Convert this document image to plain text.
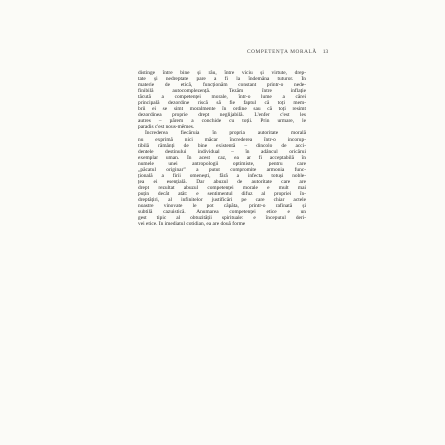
COMPETENȚA MORALĂ 13
distinge între bine și rău, între viciu și virtute, drep-
tate și nedreptate pare a fi la îndemâna tuturor. În
materie de etică, funcționăm constant printr-o nede-
finibilă autocomplezență. Tezăm între inflație
tăcută a competenței morale, într-o lume a cărei
principală dezordine riscă să fie faptul că toți mem-
brii ei se simt moralmente în ordine sau că toți resimt
dezordinea proprie drept neglijabilă. L'enfer c'est les
autres – părem a conchide cu toții. Prin urmare, le
paradis c'est nous-mêmes.
Încrederea fiecăruia în propria autoritate morală
nu exprimă nici măcar încrederea într-o incorup-
tibilă rămânți de bine existentă – dincolo de acci-
dentele destinului individual – în adâncul oricărui
exemplar uman. În acest caz, ea ar fi acceptabilă în
numele unei antropologii optimiste, pentru care
„păcatul originar” a putut compromite armonia func-
țională a firii omenești, fără a infecta totuși noble-
țea ei esențială. Dar abuzul de autoritate care are
drept rezultat abuzul competenței morale e mult mai
puțin decât atât: e sentimentul difuz al propriei în-
dreptățiri, al infinitelor justificări pe care chiar actele
noastre vinovate le pot căpăta, printr-o rafinată și
subtilă cazuistică. Anumarea competenței etice e un
gest tipic al obtuzității spirituale: e începutul deri-
vei etice. În imediatul cotidian, ea are două forme
